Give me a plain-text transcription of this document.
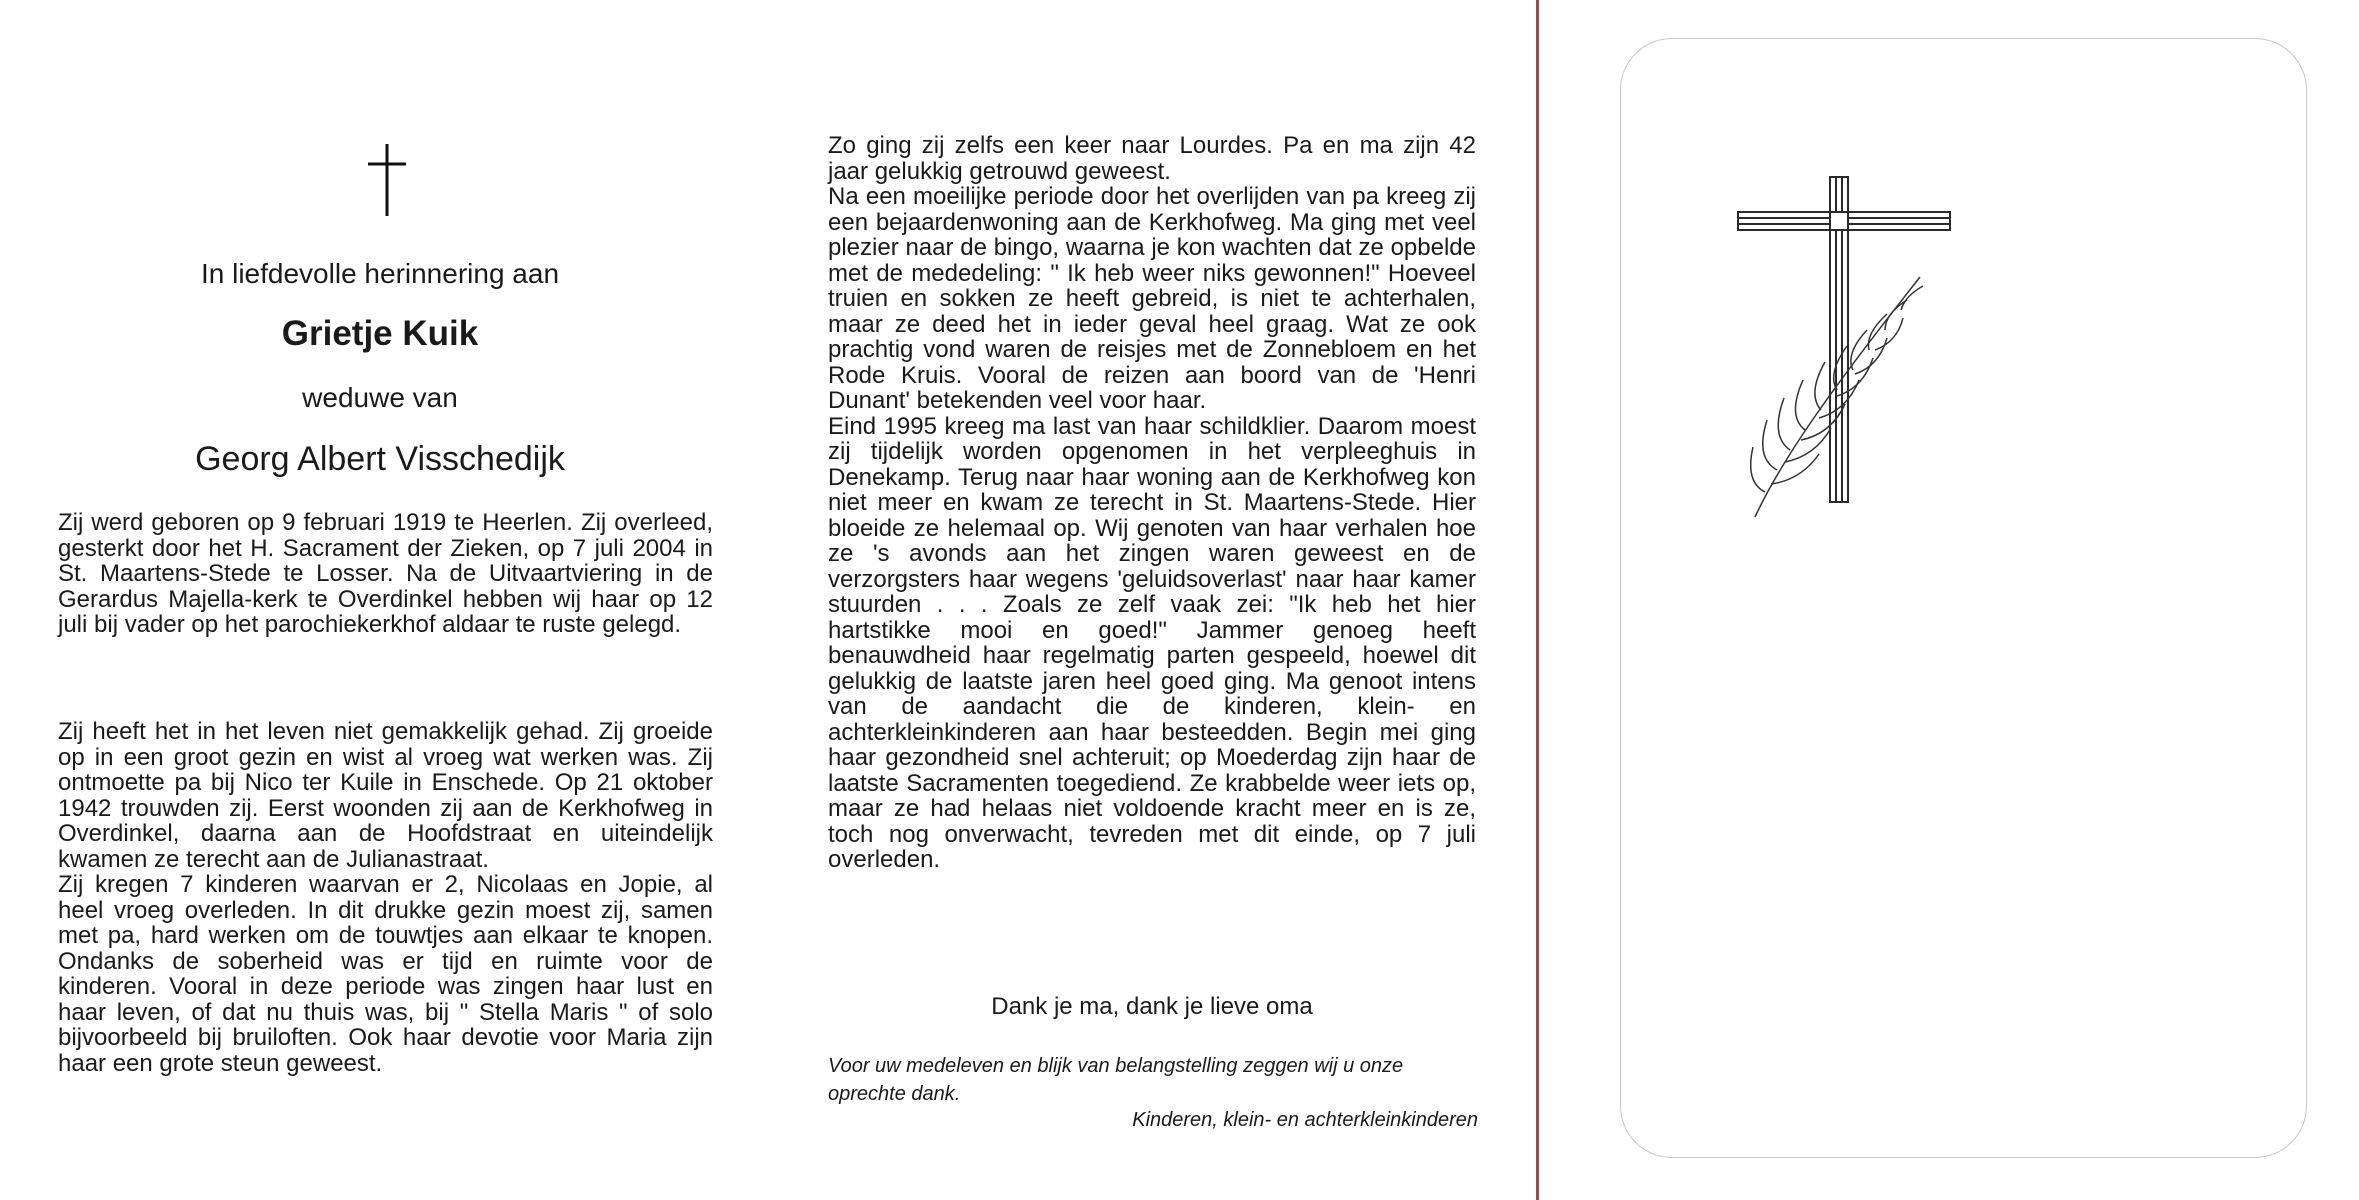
In liefdevolle herinnering aan
Grietje Kuik
weduwe van
Georg Albert Visschedijk

Zij werd geboren op 9 februari 1919 te Heerlen. Zij overleed, gesterkt door het H. Sacrament der Zieken, op 7 juli 2004 in St. Maartens-Stede te Losser. Na de Uitvaartviering in de Gerardus Majella-kerk te Overdinkel hebben wij haar op 12 juli bij vader op het parochiekerkhof aldaar te ruste gelegd.

Zij heeft het in het leven niet gemakkelijk gehad. Zij groeide op in een groot gezin en wist al vroeg wat werken was. Zij ontmoette pa bij Nico ter Kuile in Enschede. Op 21 oktober 1942 trouwden zij. Eerst woonden zij aan de Kerkhofweg in Overdinkel, daarna aan de Hoofdstraat en uiteindelijk kwamen ze terecht aan de Julianastraat.
Zij kregen 7 kinderen waarvan er 2, Nicolaas en Jopie, al heel vroeg overleden. In dit drukke gezin moest zij, samen met pa, hard werken om de touwtjes aan elkaar te knopen. Ondanks de soberheid was er tijd en ruimte voor de kinderen. Vooral in deze periode was zingen haar lust en haar leven, of dat nu thuis was, bij " Stella Maris " of solo bijvoorbeeld bij bruiloften. Ook haar devotie voor Maria zijn haar een grote steun geweest.

Zo ging zij zelfs een keer naar Lourdes. Pa en ma zijn 42 jaar gelukkig getrouwd geweest.
Na een moeilijke periode door het overlijden van pa kreeg zij een bejaardenwoning aan de Kerkhofweg. Ma ging met veel plezier naar de bingo, waarna je kon wachten dat ze opbelde met de mededeling: " Ik heb weer niks gewonnen!" Hoeveel truien en sokken ze heeft gebreid, is niet te achterhalen, maar ze deed het in ieder geval heel graag. Wat ze ook prachtig vond waren de reisjes met de Zonnebloem en het Rode Kruis. Vooral de reizen aan boord van de 'Henri Dunant' betekenden veel voor haar.
Eind 1995 kreeg ma last van haar schildklier. Daarom moest zij tijdelijk worden opgenomen in het verpleeghuis in Denekamp. Terug naar haar woning aan de Kerkhofweg kon niet meer en kwam ze terecht in St. Maartens-Stede. Hier bloeide ze helemaal op. Wij genoten van haar verhalen hoe ze 's avonds aan het zingen waren geweest en de verzorgsters haar wegens 'geluidsoverlast' naar haar kamer stuurden . . . Zoals ze zelf vaak zei: "Ik heb het hier hartstikke mooi en goed!" Jammer genoeg heeft benauwdheid haar regelmatig parten gespeeld, hoewel dit gelukkig de laatste jaren heel goed ging. Ma genoot intens van de aandacht die de kinderen, klein- en achterkleinkinderen aan haar besteedden. Begin mei ging haar gezondheid snel achteruit; op Moederdag zijn haar de laatste Sacramenten toegediend. Ze krabbelde weer iets op, maar ze had helaas niet voldoende kracht meer en is ze, toch nog onverwacht, tevreden met dit einde, op 7 juli overleden.

Dank je ma, dank je lieve oma
Voor uw medeleven en blijk van belangstelling zeggen wij u onze oprechte dank.
Kinderen, klein- en achterkleinkinderen
